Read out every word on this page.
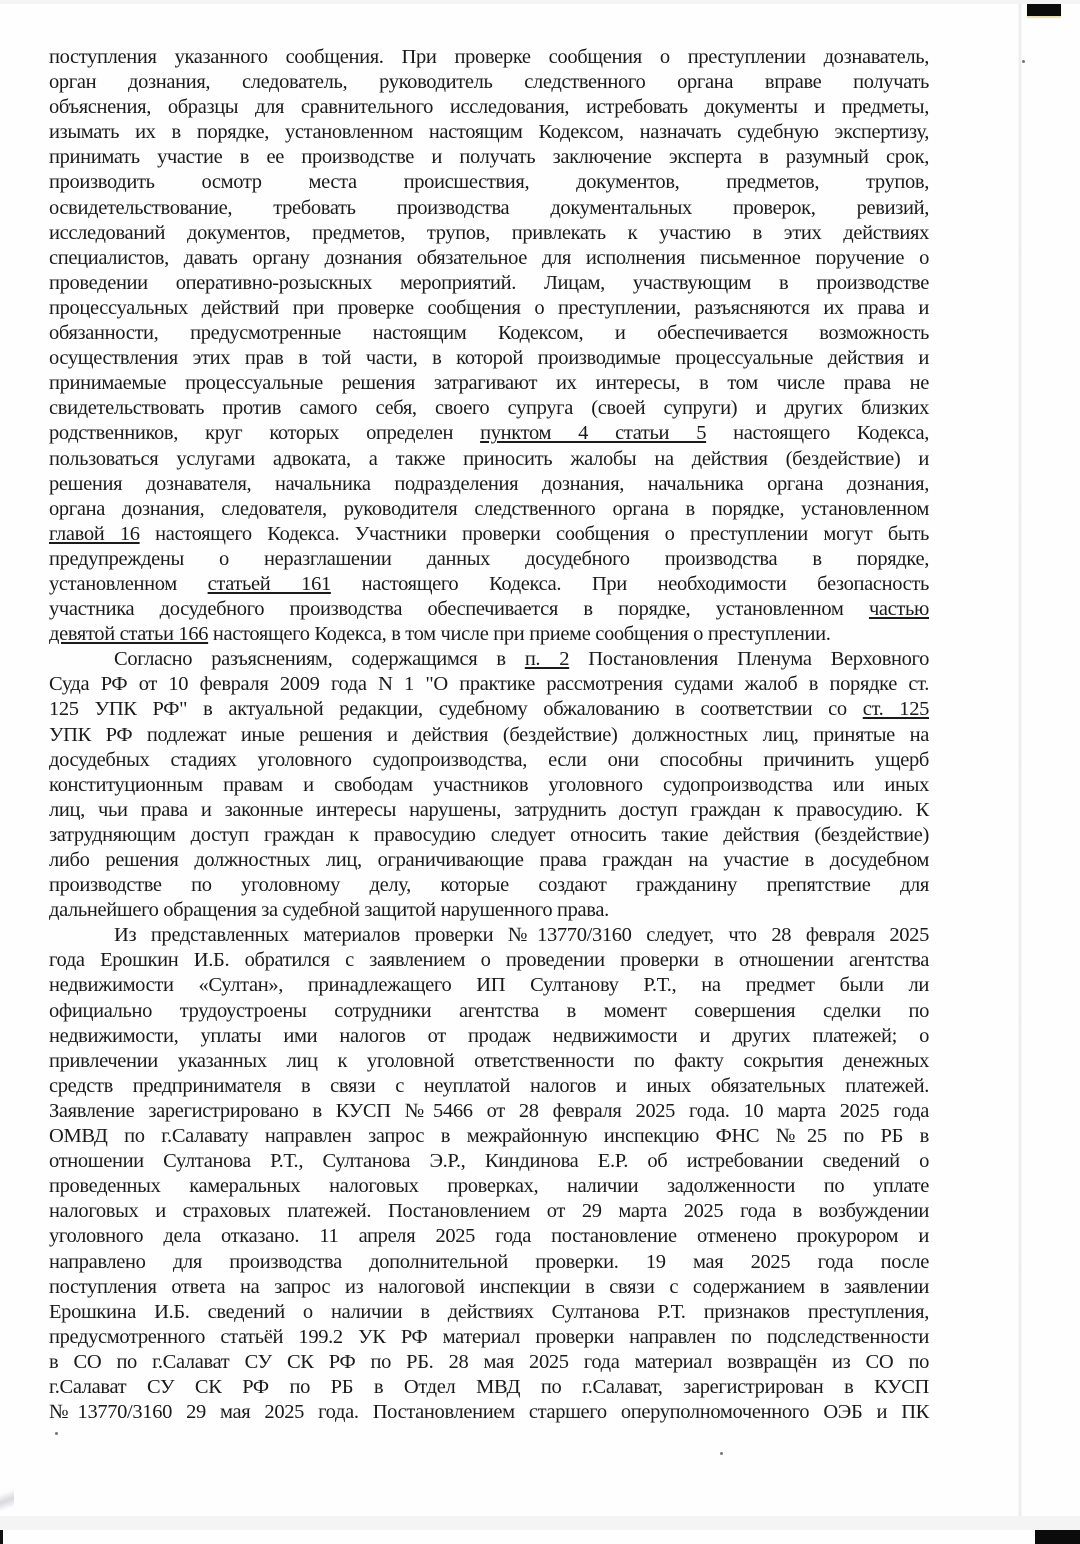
поступления указанного сообщения. При проверке сообщения о преступлении дознаватель,
орган дознания, следователь, руководитель следственного органа вправе получать
объяснения, образцы для сравнительного исследования, истребовать документы и предметы,
изымать их в порядке, установленном настоящим Кодексом, назначать судебную экспертизу,
принимать участие в ее производстве и получать заключение эксперта в разумный срок,
производить осмотр места происшествия, документов, предметов, трупов,
освидетельствование, требовать производства документальных проверок, ревизий,
исследований документов, предметов, трупов, привлекать к участию в этих действиях
специалистов, давать органу дознания обязательное для исполнения письменное поручение о
проведении оперативно-розыскных мероприятий. Лицам, участвующим в производстве
процессуальных действий при проверке сообщения о преступлении, разъясняются их права и
обязанности, предусмотренные настоящим Кодексом, и обеспечивается возможность
осуществления этих прав в той части, в которой производимые процессуальные действия и
принимаемые процессуальные решения затрагивают их интересы, в том числе права не
свидетельствовать против самого себя, своего супруга (своей супруги) и других близких
родственников, круг которых определен пунктом 4 статьи 5 настоящего Кодекса,
пользоваться услугами адвоката, а также приносить жалобы на действия (бездействие) и
решения дознавателя, начальника подразделения дознания, начальника органа дознания,
органа дознания, следователя, руководителя следственного органа в порядке, установленном
главой 16 настоящего Кодекса. Участники проверки сообщения о преступлении могут быть
предупреждены о неразглашении данных досудебного производства в порядке,
установленном статьей 161 настоящего Кодекса. При необходимости безопасность
участника досудебного производства обеспечивается в порядке, установленном частью
девятой статьи 166 настоящего Кодекса, в том числе при приеме сообщения о преступлении.
Согласно разъяснениям, содержащимся в п. 2 Постановления Пленума Верховного
Суда РФ от 10 февраля 2009 года N 1 "О практике рассмотрения судами жалоб в порядке ст.
125 УПК РФ" в актуальной редакции, судебному обжалованию в соответствии со ст. 125
УПК РФ подлежат иные решения и действия (бездействие) должностных лиц, принятые на
досудебных стадиях уголовного судопроизводства, если они способны причинить ущерб
конституционным правам и свободам участников уголовного судопроизводства или иных
лиц, чьи права и законные интересы нарушены, затруднить доступ граждан к правосудию. К
затрудняющим доступ граждан к правосудию следует относить такие действия (бездействие)
либо решения должностных лиц, ограничивающие права граждан на участие в досудебном
производстве по уголовному делу, которые создают гражданину препятствие для
дальнейшего обращения за судебной защитой нарушенного права.
Из представленных материалов проверки №13770/3160 следует, что 28 февраля 2025
года Ерошкин И.Б. обратился с заявлением о проведении проверки в отношении агентства
недвижимости «Султан», принадлежащего ИП Султанову Р.Т., на предмет были ли
официально трудоустроены сотрудники агентства в момент совершения сделки по
недвижимости, уплаты ими налогов от продаж недвижимости и других платежей; о
привлечении указанных лиц к уголовной ответственности по факту сокрытия денежных
средств предпринимателя в связи с неуплатой налогов и иных обязательных платежей.
Заявление зарегистрировано в КУСП №5466 от 28 февраля 2025 года. 10 марта 2025 года
ОМВД по г.Салавату направлен запрос в межрайонную инспекцию ФНС №25 по РБ в
отношении Султанова Р.Т., Султанова Э.Р., Киндинова Е.Р. об истребовании сведений о
проведенных камеральных налоговых проверках, наличии задолженности по уплате
налоговых и страховых платежей. Постановлением от 29 марта 2025 года в возбуждении
уголовного дела отказано. 11 апреля 2025 года постановление отменено прокурором и
направлено для производства дополнительной проверки. 19 мая 2025 года после
поступления ответа на запрос из налоговой инспекции в связи с содержанием в заявлении
Ерошкина И.Б. сведений о наличии в действиях Султанова Р.Т. признаков преступления,
предусмотренного статьёй 199.2 УК РФ материал проверки направлен по подследственности
в СО по г.Салават СУ СК РФ по РБ. 28 мая 2025 года материал возвращён из СО по
г.Салават СУ СК РФ по РБ в Отдел МВД по г.Салават, зарегистрирован в КУСП
№13770/3160 29 мая 2025 года. Постановлением старшего оперуполномоченного ОЭБ и ПК
